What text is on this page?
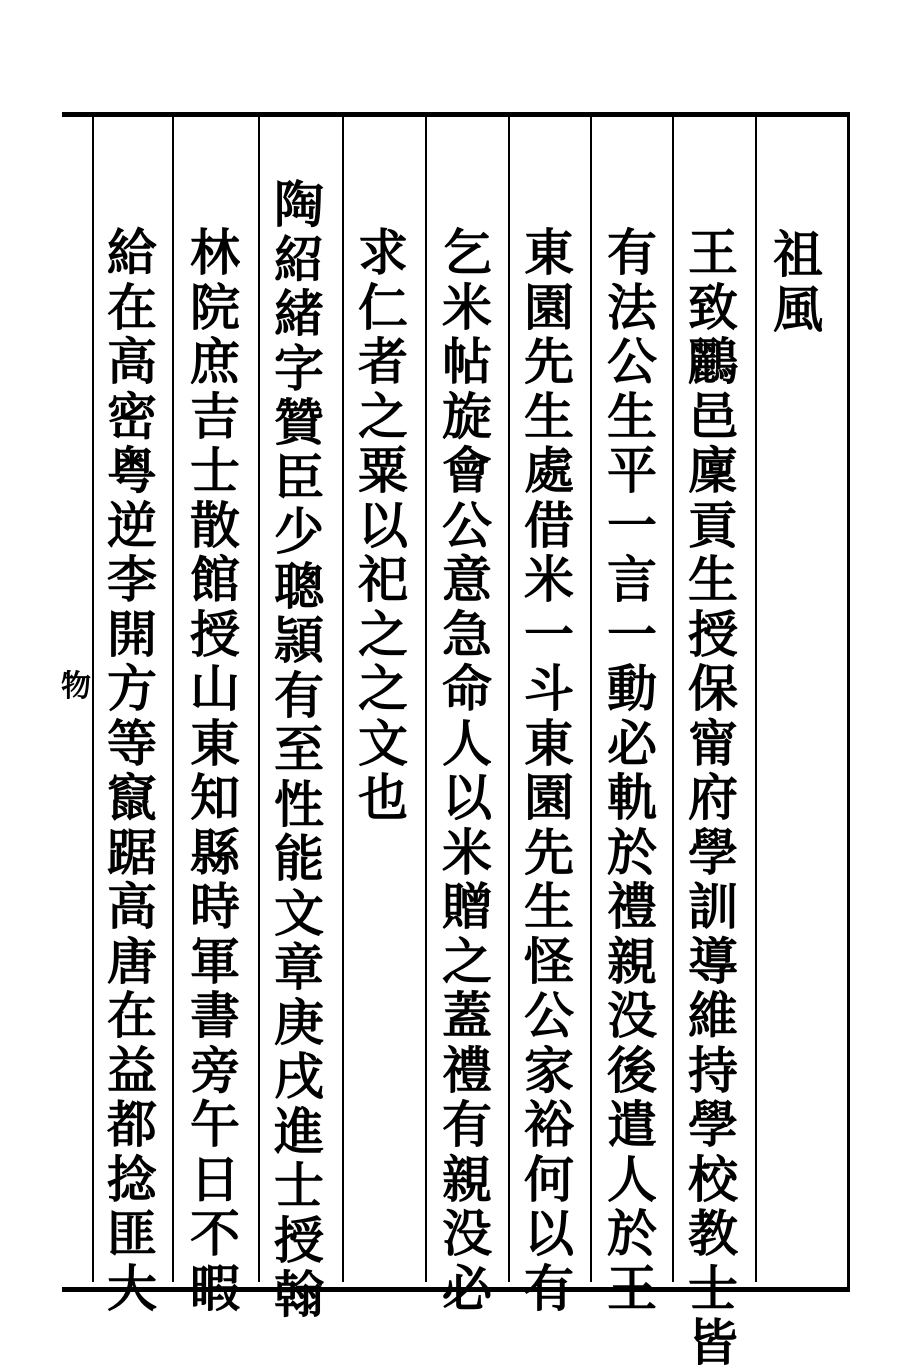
物
祖
風
王
致
鸝
邑
廩
貢
生
授
保
甯
府
學
訓
導
維
持
學
校
教
士
皆
有
法
公
生
平
一
言
一
動
必
軌
於
禮
親
没
後
遣
人
於
王
東
園
先
生
處
借
米
一
斗
東
園
先
生
怪
公
家
裕
何
以
有
乞
米
帖
旋
會
公
意
急
命
人
以
米
贈
之
蓋
禮
有
親
没
必
求
仁
者
之
粟
以
祀
之
之
文
也
陶
紹
緒
字
贊
臣
少
聰
頴
有
至
性
能
文
章
庚
戌
進
士
授
翰
林
院
庶
吉
士
散
館
授
山
東
知
縣
時
軍
書
旁
午
日
不
暇
給
在
高
密
粤
逆
李
開
方
等
竄
踞
高
唐
在
益
都
捻
匪
大
